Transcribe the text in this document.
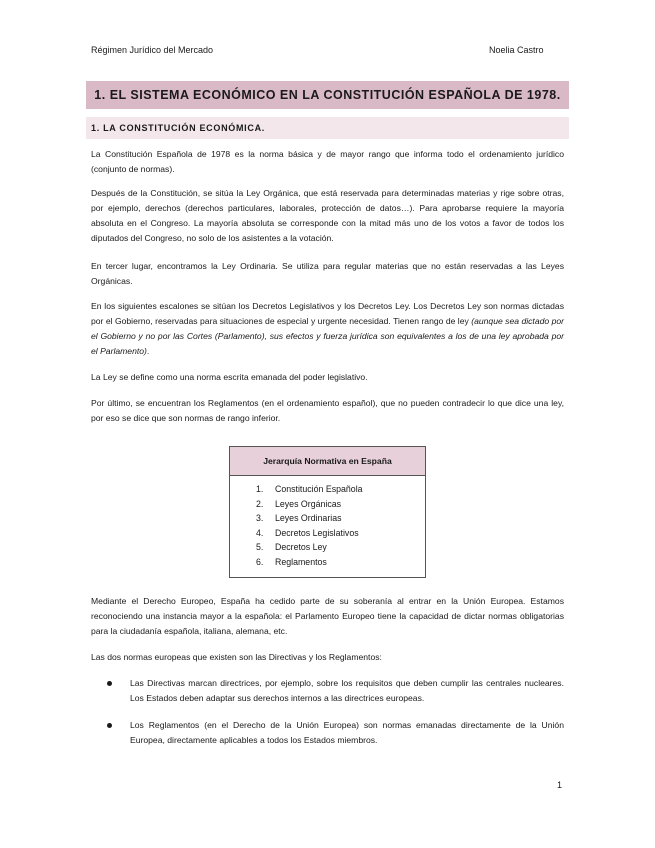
Régimen Jurídico del Mercado	Noelia Castro
1. EL SISTEMA ECONÓMICO EN LA CONSTITUCIÓN ESPAÑOLA DE 1978.
1. LA CONSTITUCIÓN ECONÓMICA.
La Constitución Española de 1978 es la norma básica y de mayor rango que informa todo el ordenamiento jurídico (conjunto de normas).
Después de la Constitución, se sitúa la Ley Orgánica, que está reservada para determinadas materias y rige sobre otras, por ejemplo, derechos (derechos particulares, laborales, protección de datos…). Para aprobarse requiere la mayoría absoluta en el Congreso. La mayoría absoluta se corresponde con la mitad más uno de los votos a favor de todos los diputados del Congreso, no solo de los asistentes a la votación.
En tercer lugar, encontramos la Ley Ordinaria. Se utiliza para regular materias que no están reservadas a las Leyes Orgánicas.
En los siguientes escalones se sitúan los Decretos Legislativos y los Decretos Ley. Los Decretos Ley son normas dictadas por el Gobierno, reservadas para situaciones de especial y urgente necesidad. Tienen rango de ley (aunque sea dictado por el Gobierno y no por las Cortes (Parlamento), sus efectos y fuerza jurídica son equivalentes a los de una ley aprobada por el Parlamento).
La Ley se define como una norma escrita emanada del poder legislativo.
Por último, se encuentran los Reglamentos (en el ordenamiento español), que no pueden contradecir lo que dice una ley, por eso se dice que son normas de rango inferior.
Jerarquía Normativa en España
1. Constitución Española
2. Leyes Orgánicas
3. Leyes Ordinarias
4. Decretos Legislativos
5. Decretos Ley
6. Reglamentos
Mediante el Derecho Europeo, España ha cedido parte de su soberanía al entrar en la Unión Europea. Estamos reconociendo una instancia mayor a la española: el Parlamento Europeo tiene la capacidad de dictar normas obligatorias para la ciudadanía española, italiana, alemana, etc.
Las dos normas europeas que existen son las Directivas y los Reglamentos:
Las Directivas marcan directrices, por ejemplo, sobre los requisitos que deben cumplir las centrales nucleares. Los Estados deben adaptar sus derechos internos a las directrices europeas.
Los Reglamentos (en el Derecho de la Unión Europea) son normas emanadas directamente de la Unión Europea, directamente aplicables a todos los Estados miembros.
1
